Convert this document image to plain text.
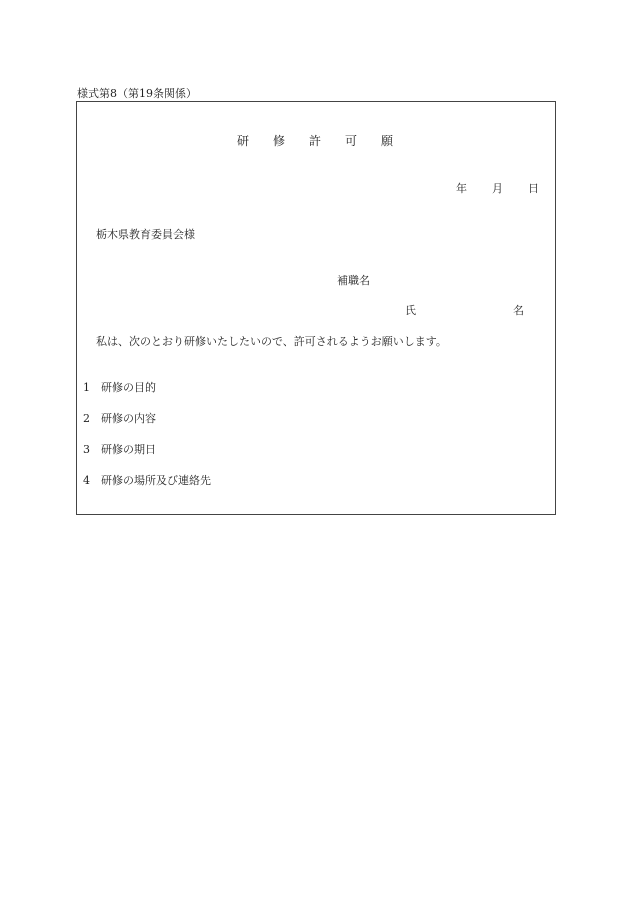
様式第8（第19条関係）
研 修 許 可 願
年	月	日
栃木県教育委員会様
補職名
氏	名
私は、次のとおり研修いたしたいので、許可されるようお願いします。
1 研修の目的
2 研修の内容
3 研修の期日
4 研修の場所及び連絡先
